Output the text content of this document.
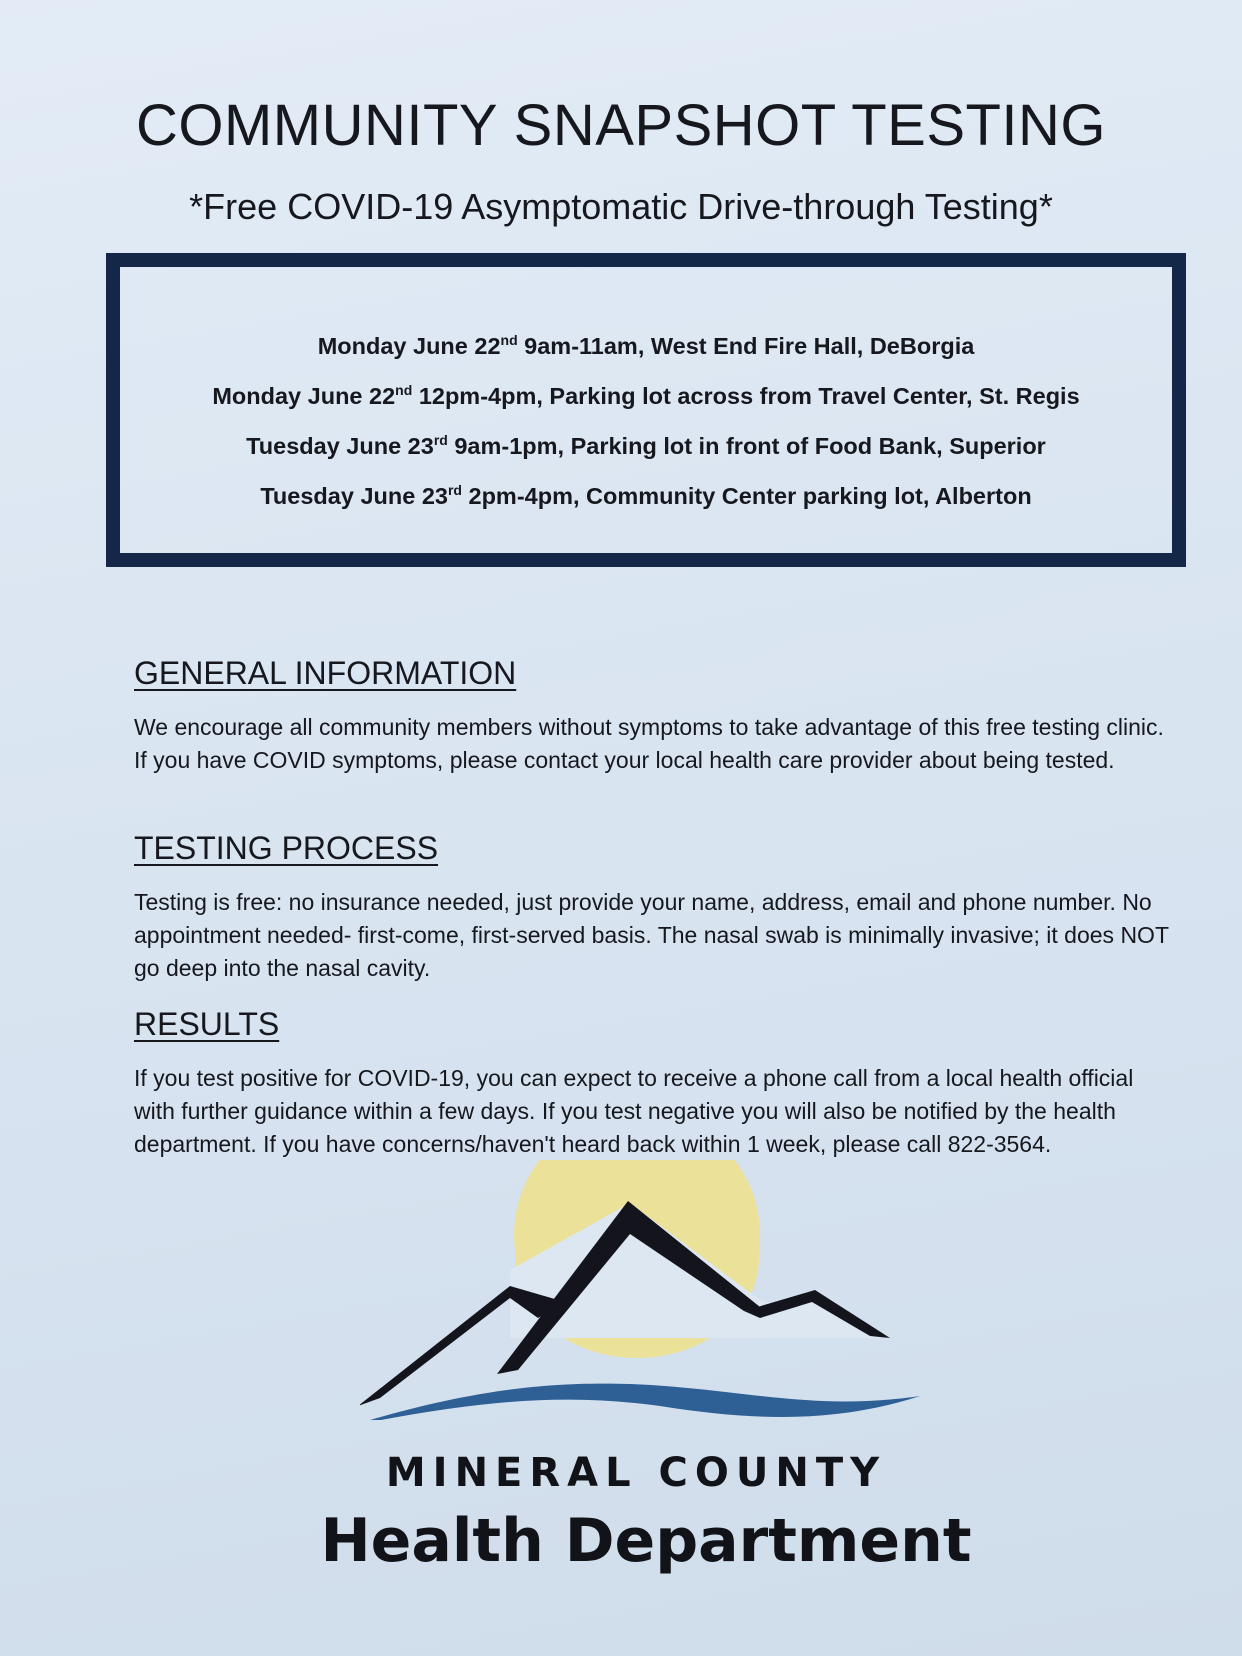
COMMUNITY SNAPSHOT TESTING
*Free COVID-19 Asymptomatic Drive-through Testing*
Monday June 22nd 9am-11am, West End Fire Hall, DeBorgia
Monday June 22nd 12pm-4pm, Parking lot across from Travel Center, St. Regis
Tuesday June 23rd 9am-1pm, Parking lot in front of Food Bank, Superior
Tuesday June 23rd 2pm-4pm, Community Center parking lot, Alberton
GENERAL INFORMATION

We encourage all community members without symptoms to take advantage of this free testing clinic. If you have COVID symptoms, please contact your local health care provider about being tested.

TESTING PROCESS

Testing is free: no insurance needed, just provide your name, address, email and phone number. No appointment needed- first-come, first-served basis. The nasal swab is minimally invasive; it does NOT go deep into the nasal cavity.

RESULTS

If you test positive for COVID-19, you can expect to receive a phone call from a local health official with further guidance within a few days. If you test negative you will also be notified by the health department. If you have concerns/haven't heard back within 1 week, please call 822-3564.

MINERAL COUNTY
Health Department
